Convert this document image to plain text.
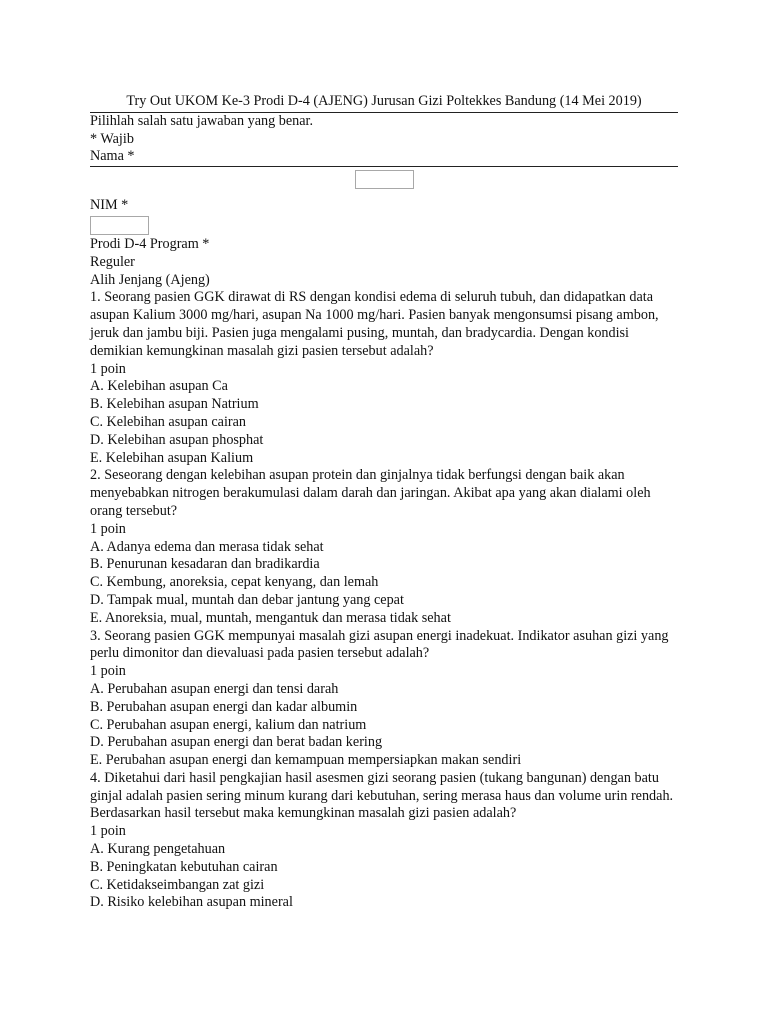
Try Out UKOM Ke-3 Prodi D-4 (AJENG) Jurusan Gizi Poltekkes Bandung (14 Mei 2019)
Pilihlah salah satu jawaban yang benar.
* Wajib
Nama *
NIM *
Prodi D-4 Program *
Reguler
Alih Jenjang (Ajeng)
1. Seorang pasien GGK dirawat di RS dengan kondisi edema di seluruh tubuh, dan didapatkan data asupan Kalium 3000 mg/hari, asupan Na 1000 mg/hari. Pasien banyak mengonsumsi pisang ambon, jeruk dan jambu biji. Pasien juga mengalami pusing, muntah, dan bradycardia. Dengan kondisi demikian kemungkinan masalah gizi pasien tersebut adalah?
1 poin
A. Kelebihan asupan Ca
B. Kelebihan asupan Natrium
C. Kelebihan asupan cairan
D. Kelebihan asupan phosphat
E. Kelebihan asupan Kalium
2. Seseorang dengan kelebihan asupan protein dan ginjalnya tidak berfungsi dengan baik akan menyebabkan nitrogen berakumulasi dalam darah dan jaringan. Akibat apa yang akan dialami oleh orang tersebut?
1 poin
A. Adanya edema dan merasa tidak sehat
B. Penurunan kesadaran dan bradikardia
C. Kembung, anoreksia, cepat kenyang, dan lemah
D. Tampak mual, muntah dan debar jantung yang cepat
E. Anoreksia, mual, muntah, mengantuk dan merasa tidak sehat
3. Seorang pasien GGK mempunyai masalah gizi asupan energi inadekuat. Indikator asuhan gizi yang perlu dimonitor dan dievaluasi pada pasien tersebut adalah?
1 poin
A. Perubahan asupan energi dan tensi darah
B. Perubahan asupan energi dan kadar albumin
C. Perubahan asupan energi, kalium dan natrium
D. Perubahan asupan energi dan berat badan kering
E. Perubahan asupan energi dan kemampuan mempersiapkan makan sendiri
4. Diketahui dari hasil pengkajian hasil asesmen gizi seorang pasien (tukang bangunan) dengan batu ginjal adalah pasien sering minum kurang dari kebutuhan, sering merasa haus dan volume urin rendah. Berdasarkan hasil tersebut maka kemungkinan masalah gizi pasien adalah?
1 poin
A. Kurang pengetahuan
B. Peningkatan kebutuhan cairan
C. Ketidakseimbangan zat gizi
D. Risiko kelebihan asupan mineral
